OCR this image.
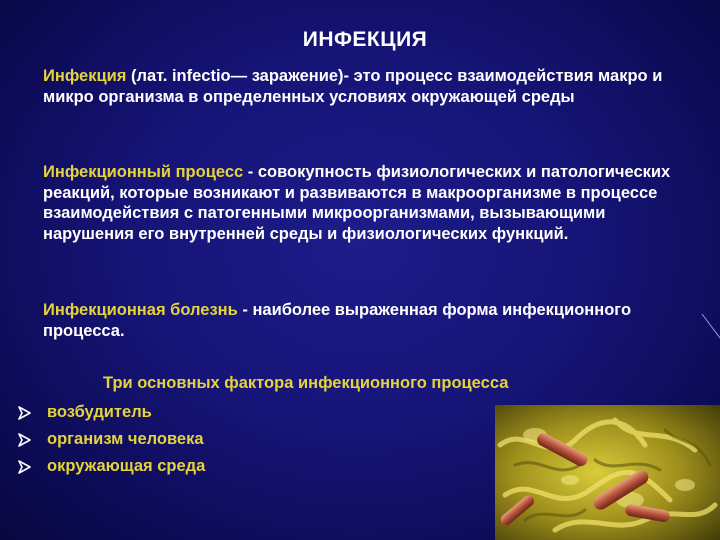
ИНФЕКЦИЯ
Инфекция (лат. infectio— заражение)- это процесс взаимодействия макро и микро организма в определенных условиях окружающей среды
Инфекционный процесс - совокупность физиологических и патологических реакций, которые возникают и развиваются в макроорганизме в процессе взаимодействия с патогенными микроорганизмами, вызывающими нарушения его внутренней среды и физиологических функций.
Инфекционная болезнь - наиболее выраженная форма инфекционного процесса.
Три основных фактора инфекционного процесса
возбудитель
организм человека
окружающая среда
